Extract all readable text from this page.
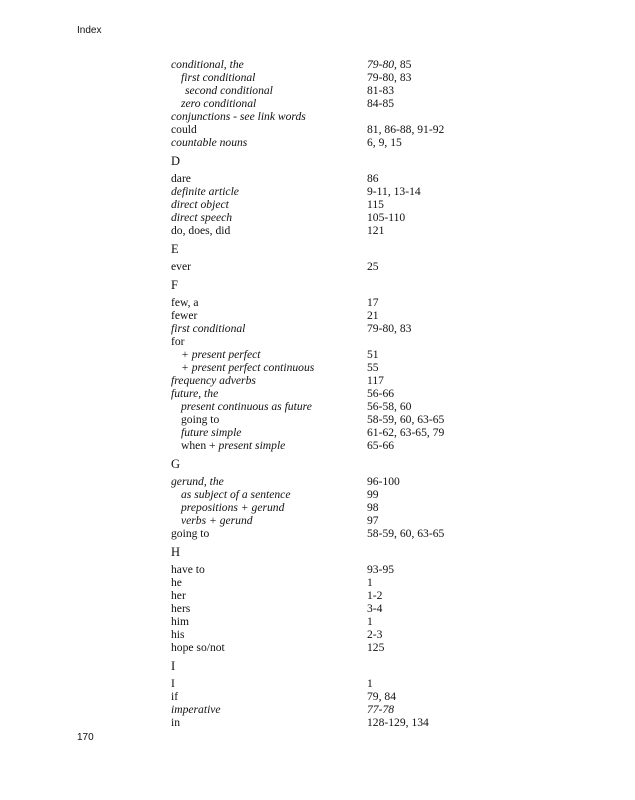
Index
conditional, the	79-80, 85
first conditional	79-80, 83
second conditional	81-83
zero conditional	84-85
conjunctions - see link words
could	81, 86-88, 91-92
countable nouns	6, 9, 15
D
dare	86
definite article	9-11, 13-14
direct object	115
direct speech	105-110
do, does, did	121
E
ever	25
F
few, a	17
fewer	21
first conditional	79-80, 83
for
+ present perfect	51
+ present perfect continuous	55
frequency adverbs	117
future, the	56-66
present continuous as future	56-58, 60
going to	58-59, 60, 63-65
future simple	61-62, 63-65, 79
when + present simple	65-66
G
gerund, the	96-100
as subject of a sentence	99
prepositions + gerund	98
verbs + gerund	97
going to	58-59, 60, 63-65
H
have to	93-95
he	1
her	1-2
hers	3-4
him	1
his	2-3
hope so/not	125
I
I	1
if	79, 84
imperative	77-78
in	128-129, 134
170
